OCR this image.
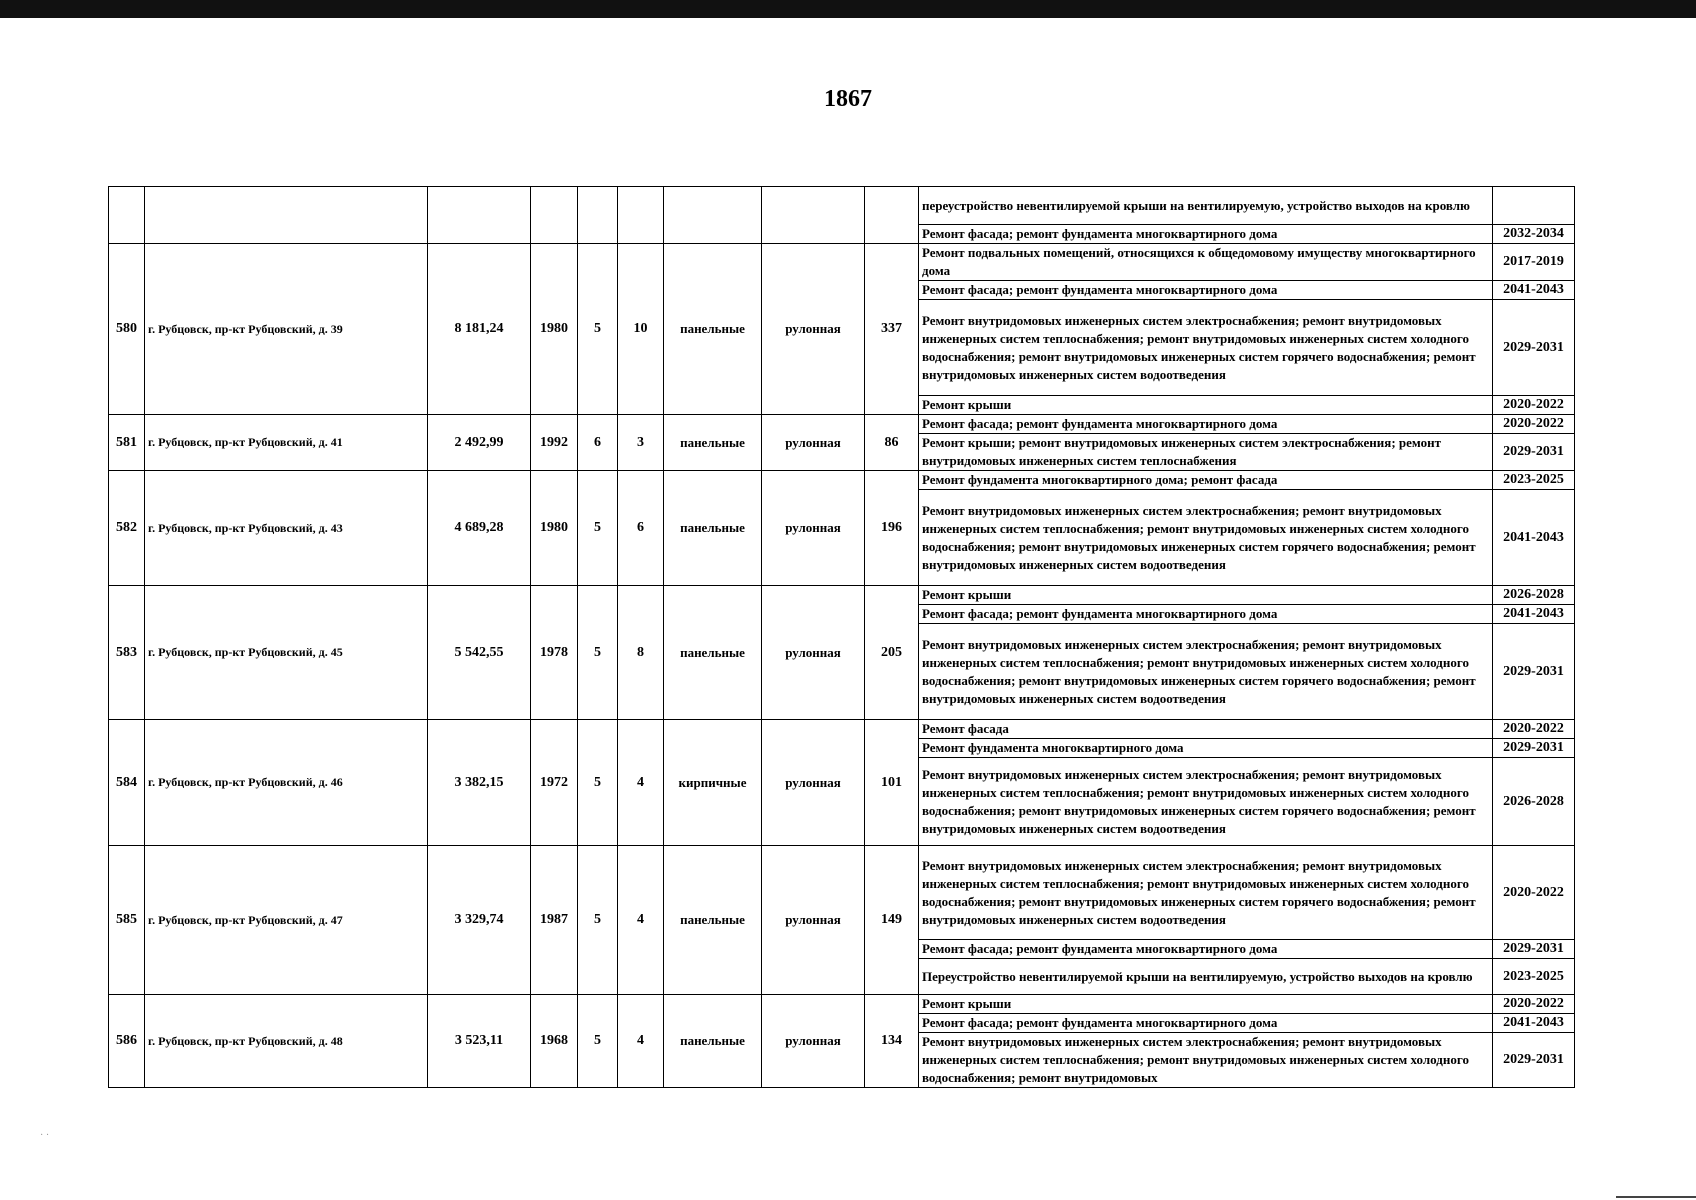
1867
									переустройство невентилируемой крыши на вентилируемую, устройство выходов на кровлю	
									Ремонт фасада; ремонт фундамента многоквартирного дома	2032-2034
580	г. Рубцовск, пр-кт Рубцовский, д. 39	8 181,24	1980	5	10	панельные	рулонная	337	Ремонт подвальных помещений, относящихся к общедомовому имуществу многоквартирного дома	2017-2019
									Ремонт фасада; ремонт фундамента многоквартирного дома	2041-2043
									Ремонт внутридомовых инженерных систем электроснабжения; ремонт внутридомовых инженерных систем теплоснабжения; ремонт внутридомовых инженерных систем холодного водоснабжения; ремонт внутридомовых инженерных систем горячего водоснабжения; ремонт внутридомовых инженерных систем водоотведения	2029-2031
									Ремонт крыши	2020-2022
581	г. Рубцовск, пр-кт Рубцовский, д. 41	2 492,99	1992	6	3	панельные	рулонная	86	Ремонт фасада; ремонт фундамента многоквартирного дома	2020-2022
									Ремонт крыши; ремонт внутридомовых инженерных систем электроснабжения; ремонт внутридомовых инженерных систем теплоснабжения	2029-2031
582	г. Рубцовск, пр-кт Рубцовский, д. 43	4 689,28	1980	5	6	панельные	рулонная	196	Ремонт фундамента многоквартирного дома; ремонт фасада	2023-2025
									Ремонт внутридомовых инженерных систем электроснабжения; ремонт внутридомовых инженерных систем теплоснабжения; ремонт внутридомовых инженерных систем холодного водоснабжения; ремонт внутридомовых инженерных систем горячего водоснабжения; ремонт внутридомовых инженерных систем водоотведения	2041-2043
583	г. Рубцовск, пр-кт Рубцовский, д. 45	5 542,55	1978	5	8	панельные	рулонная	205	Ремонт крыши	2026-2028
									Ремонт фасада; ремонт фундамента многоквартирного дома	2041-2043
									Ремонт внутридомовых инженерных систем электроснабжения; ремонт внутридомовых инженерных систем теплоснабжения; ремонт внутридомовых инженерных систем холодного водоснабжения; ремонт внутридомовых инженерных систем горячего водоснабжения; ремонт внутридомовых инженерных систем водоотведения	2029-2031
584	г. Рубцовск, пр-кт Рубцовский, д. 46	3 382,15	1972	5	4	кирпичные	рулонная	101	Ремонт фасада	2020-2022
									Ремонт фундамента многоквартирного дома	2029-2031
									Ремонт внутридомовых инженерных систем электроснабжения; ремонт внутридомовых инженерных систем теплоснабжения; ремонт внутридомовых инженерных систем холодного водоснабжения; ремонт внутридомовых инженерных систем горячего водоснабжения; ремонт внутридомовых инженерных систем водоотведения	2026-2028
585	г. Рубцовск, пр-кт Рубцовский, д. 47	3 329,74	1987	5	4	панельные	рулонная	149	Ремонт внутридомовых инженерных систем электроснабжения; ремонт внутридомовых инженерных систем теплоснабжения; ремонт внутридомовых инженерных систем холодного водоснабжения; ремонт внутридомовых инженерных систем горячего водоснабжения; ремонт внутридомовых инженерных систем водоотведения	2020-2022
									Ремонт фасада; ремонт фундамента многоквартирного дома	2029-2031
									Переустройство невентилируемой крыши на вентилируемую, устройство выходов на кровлю	2023-2025
586	г. Рубцовск, пр-кт Рубцовский, д. 48	3 523,11	1968	5	4	панельные	рулонная	134	Ремонт крыши	2020-2022
									Ремонт фасада; ремонт фундамента многоквартирного дома	2041-2043
									Ремонт внутридомовых инженерных систем электроснабжения; ремонт внутридомовых инженерных систем теплоснабжения; ремонт внутридомовых инженерных систем холодного водоснабжения; ремонт внутридомовых	2029-2031
· ·
